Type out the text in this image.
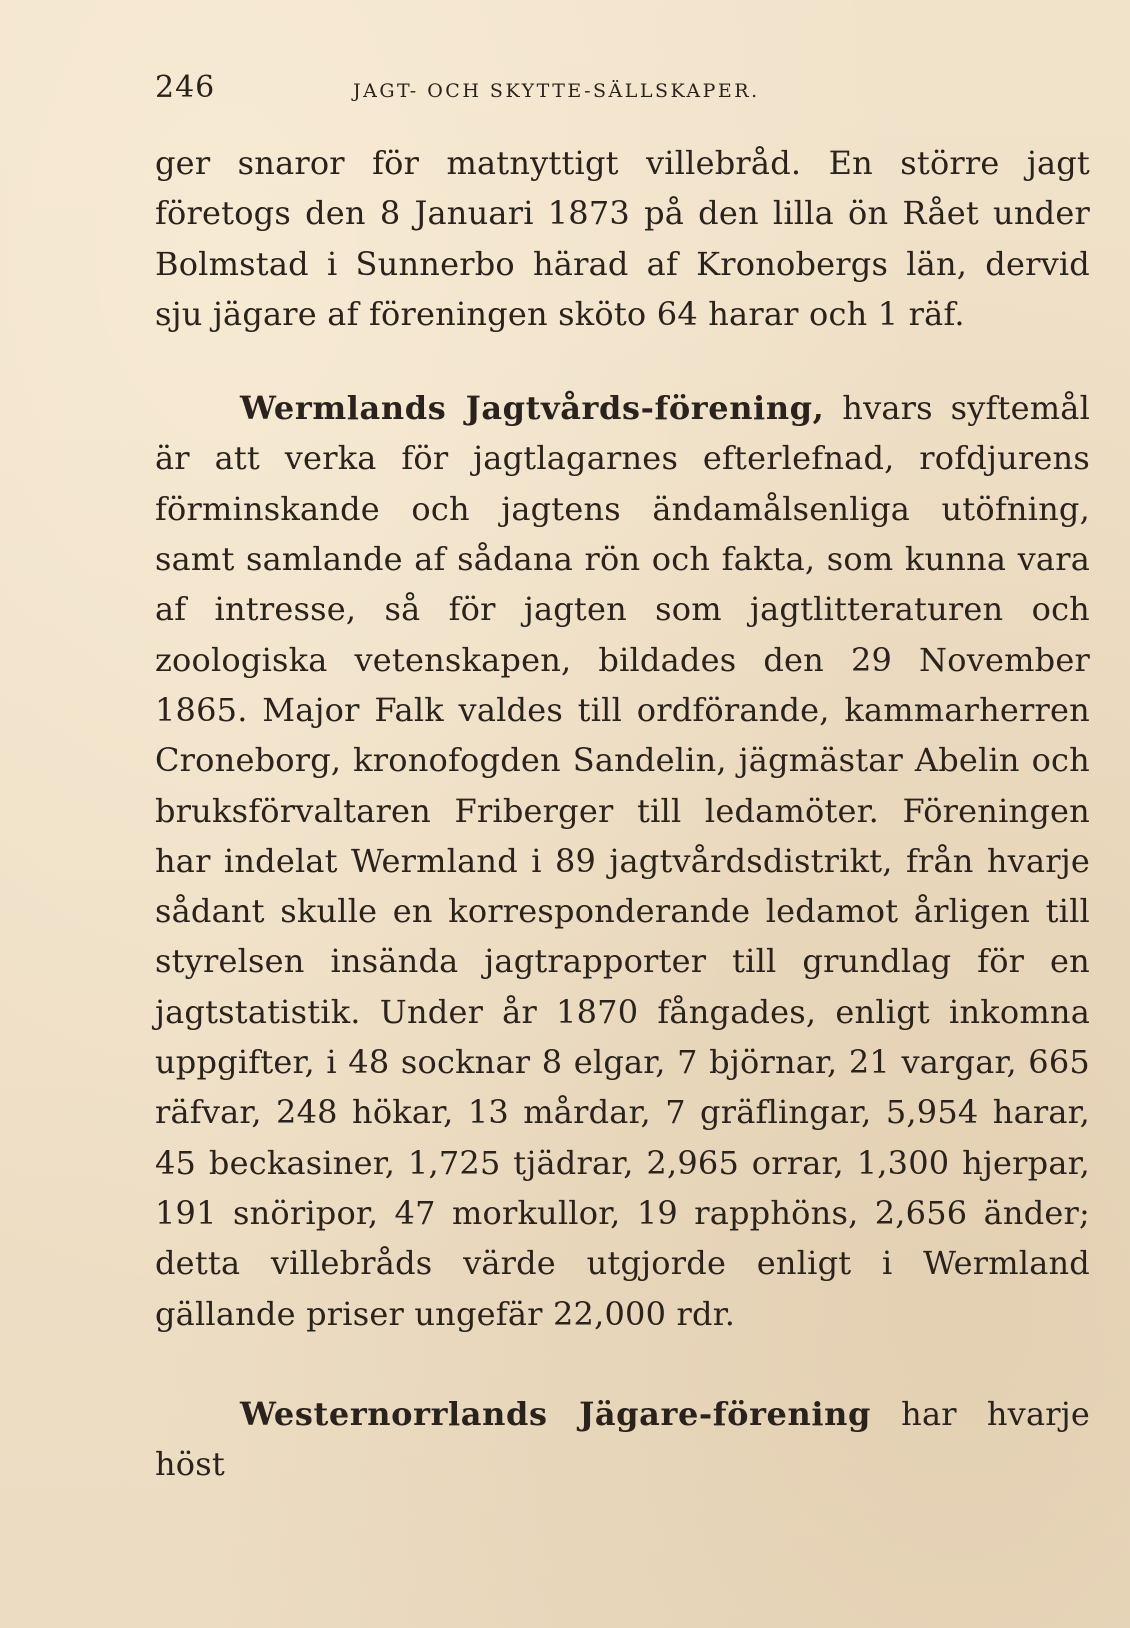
246	JAGT- OCH SKYTTE-SÄLLSKAPER.

ger snaror för matnyttigt villebråd. En större jagt företogs den 8 Januari 1873 på den lilla ön Rået under Bolmstad i Sunnerbo härad af Kronobergs län, dervid sju jägare af föreningen sköto 64 harar och 1 räf.

Wermlands Jagtvårds-förening, hvars syftemål är att verka för jagtlagarnes efterlefnad, rofdjurens förminskande och jagtens ändamålsenliga utöfning, samt samlande af sådana rön och fakta, som kunna vara af intresse, så för jagten som jagtlitteraturen och zoologiska vetenskapen, bildades den 29 November 1865. Major Falk valdes till ordförande, kammarherren Croneborg, kronofogden Sandelin, jägmästar Abelin och bruksförvaltaren Friberger till ledamöter. Föreningen har indelat Wermland i 89 jagtvårdsdistrikt, från hvarje sådant skulle en korresponderande ledamot årligen till styrelsen insända jagtrapporter till grundlag för en jagtstatistik. Under år 1870 fångades, enligt inkomna uppgifter, i 48 socknar 8 elgar, 7 björnar, 21 vargar, 665 räfvar, 248 hökar, 13 mårdar, 7 gräflingar, 5,954 harar, 45 beckasiner, 1,725 tjädrar, 2,965 orrar, 1,300 hjerpar, 191 snöripor, 47 morkullor, 19 rapphöns, 2,656 änder; detta villebråds värde utgjorde enligt i Wermland gällande priser ungefär 22,000 rdr.

Westernorrlands Jägare-förening har hvarje höst
